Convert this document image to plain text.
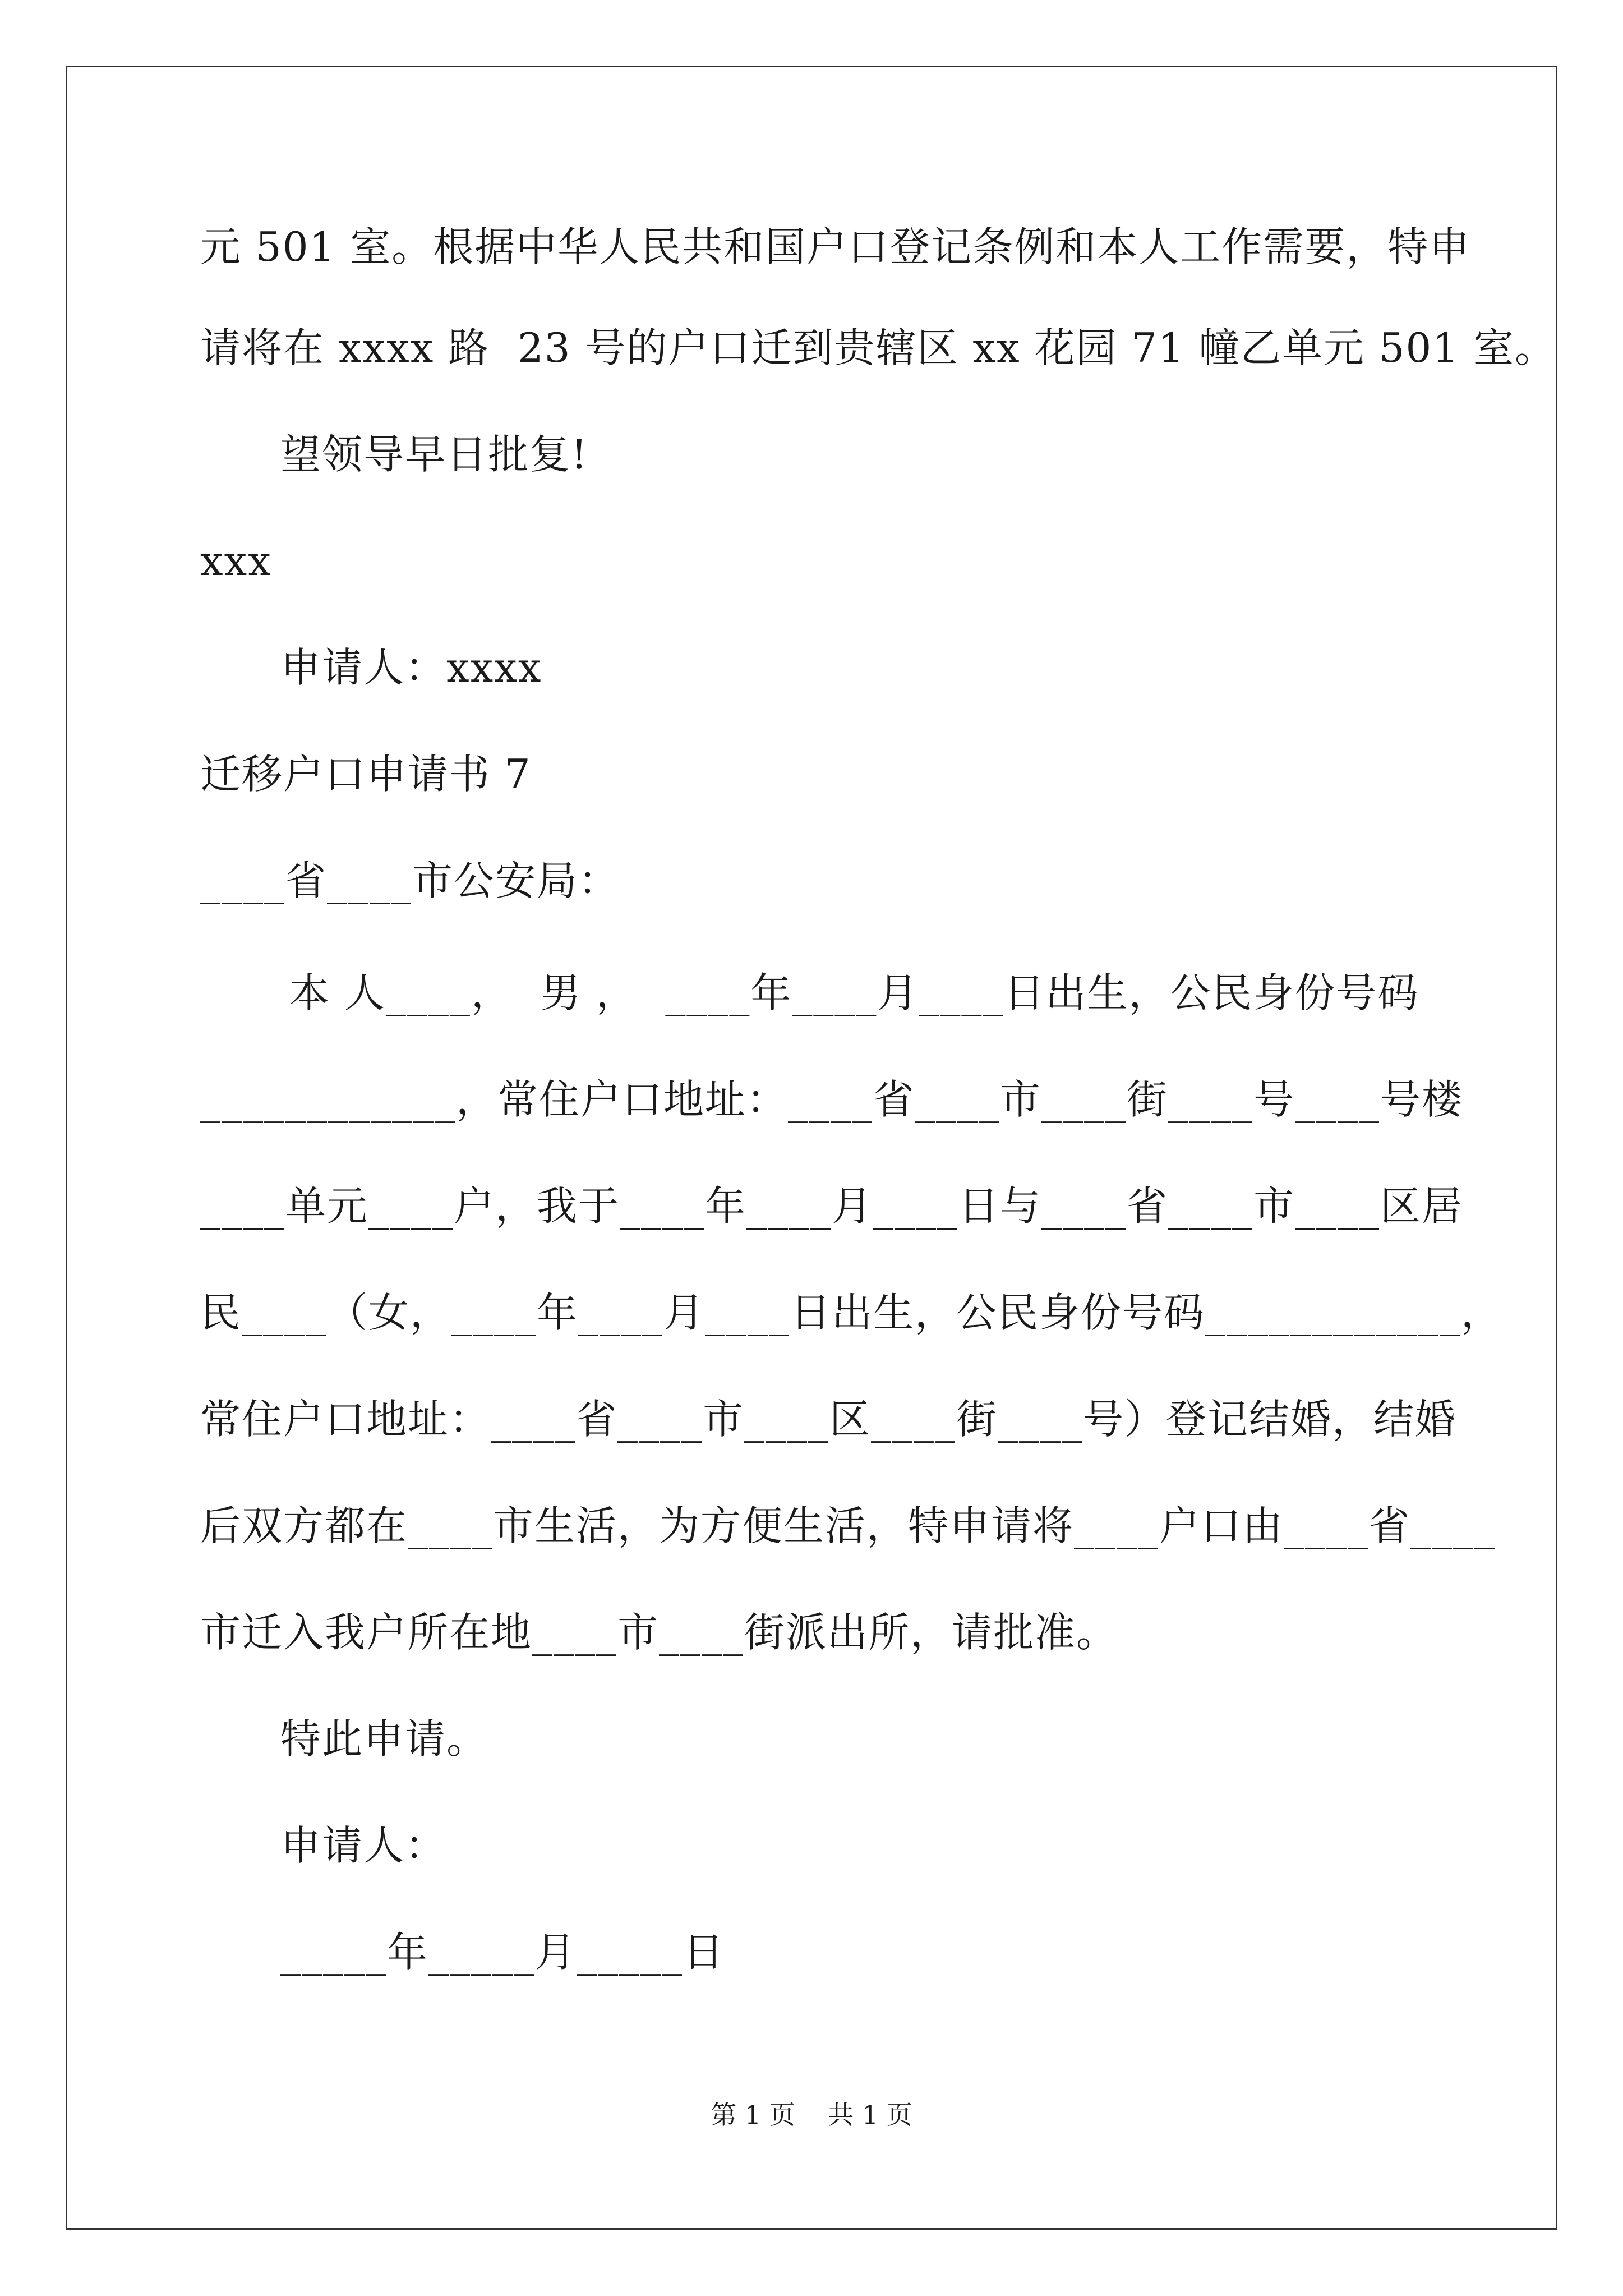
元 501 室。根据中华人民共和国户口登记条例和本人工作需要，特申
请将在 xxxx 路  23 号的户口迁到贵辖区 xx 花园 71 幢乙单元 501 室。
望领导早日批复!
xxx
申请人：xxxx
迁移户口申请书 7
____省____市公安局：
本 人____，  男 ，  ____年____月____日出生，公民身份号码
____________，常住户口地址：____省____市____街____号____号楼
____单元____户，我于____年____月____日与____省____市____区居
民____（女，____年____月____日出生，公民身份号码____________，
常住户口地址：____省____市____区____街____号）登记结婚，结婚
后双方都在____市生活，为方便生活，特申请将____户口由____省____
市迁入我户所在地____市____街派出所，请批准。
特此申请。
申请人：
_____年_____月_____日
第 1 页    共 1 页
